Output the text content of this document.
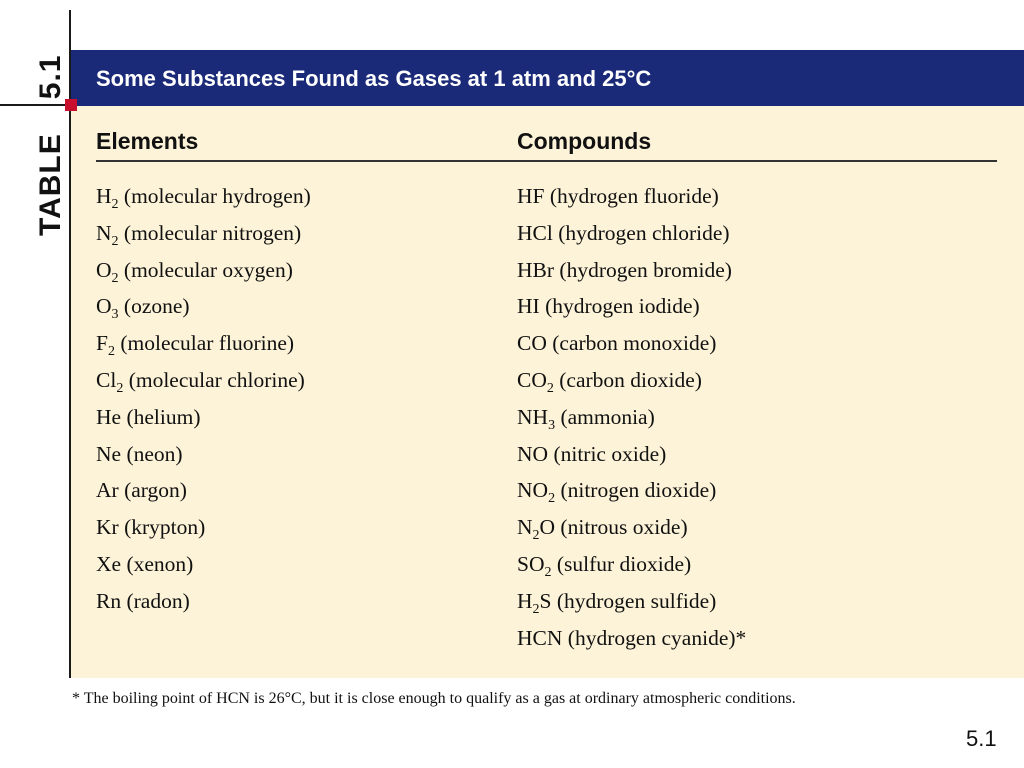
Some Substances Found as Gases at 1 atm and 25°C
TABLE5.1
Elements	Compounds
$H_2$ (molecular hydrogen)
$N_2$ (molecular nitrogen)
$O_2$ (molecular oxygen)
$O_3$ (ozone)
$F_2$ (molecular fluorine)
$Cl_2$ (molecular chlorine)
He (helium)
Ne (neon)
Ar (argon)
Kr (krypton)
Xe (xenon)
Rn (radon)
HF (hydrogen fluoride)
HCl (hydrogen chloride)
HBr (hydrogen bromide)
HI (hydrogen iodide)
CO (carbon monoxide)
$CO_2$ (carbon dioxide)
$NH_3$ (ammonia)
NO (nitric oxide)
$NO_2$ (nitrogen dioxide)
$N_2O$ (nitrous oxide)
$SO_2$ (sulfur dioxide)
$H_2S$ (hydrogen sulfide)
HCN (hydrogen cyanide)*
* The boiling point of HCN is 26°C, but it is close enough to qualify as a gas at ordinary atmospheric conditions.
5.1
